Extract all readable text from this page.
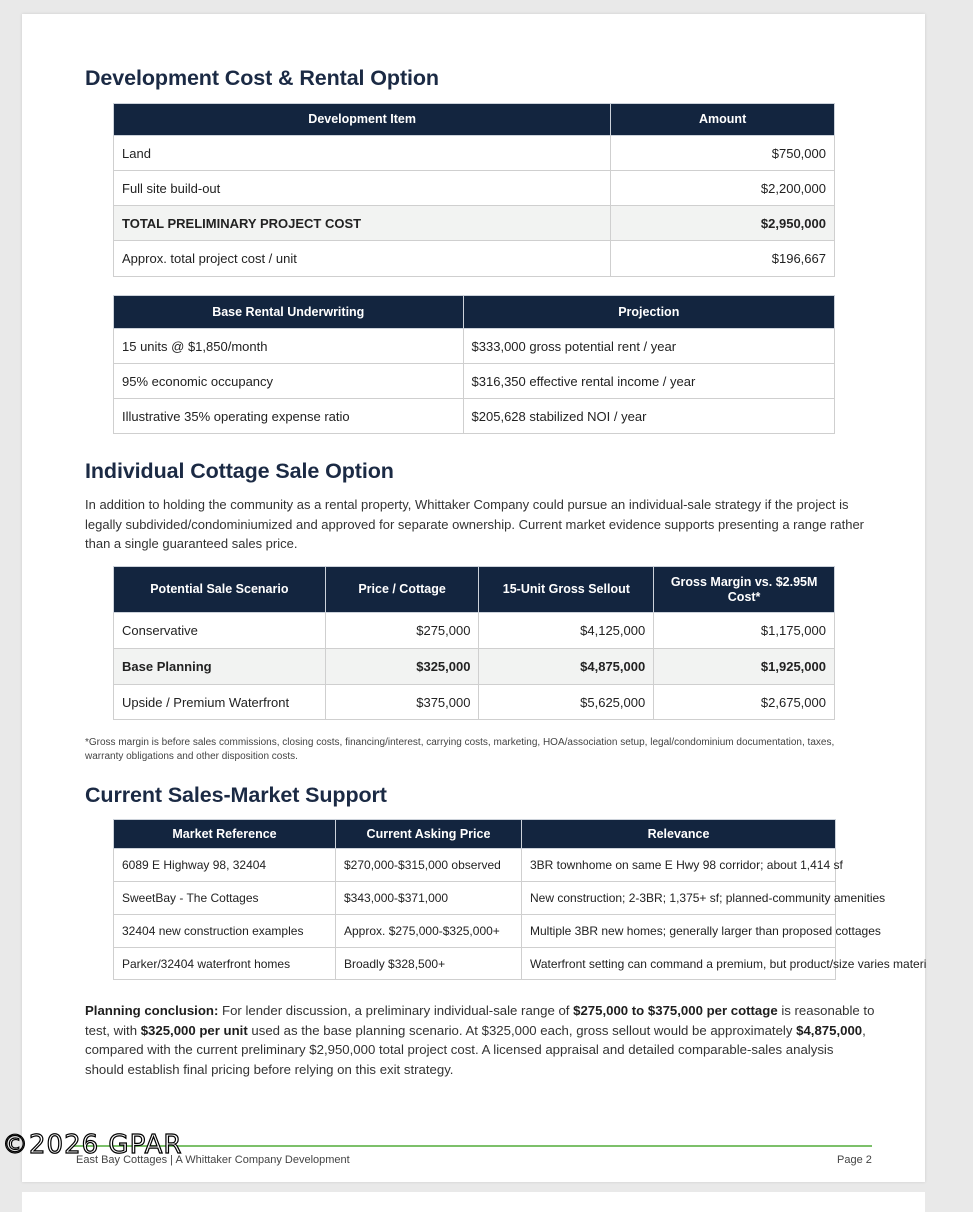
Development Cost & Rental Option
Development Item	Amount
Land	$750,000
Full site build-out	$2,200,000
TOTAL PRELIMINARY PROJECT COST	$2,950,000
Approx. total project cost / unit	$196,667
Base Rental Underwriting	Projection
15 units @ $1,850/month	$333,000 gross potential rent / year
95% economic occupancy	$316,350 effective rental income / year
Illustrative 35% operating expense ratio	$205,628 stabilized NOI / year
Individual Cottage Sale Option

In addition to holding the community as a rental property, Whittaker Company could pursue an individual-sale strategy if the project is legally subdivided/condominiumized and approved for separate ownership. Current market evidence supports presenting a range rather than a single guaranteed sales price.

Potential Sale Scenario	Price / Cottage	15-Unit Gross Sellout	Gross Margin vs. $2.95M Cost*
Conservative	$275,000	$4,125,000	$1,175,000
Base Planning	$325,000	$4,875,000	$1,925,000
Upside / Premium Waterfront	$375,000	$5,625,000	$2,675,000

*Gross margin is before sales commissions, closing costs, financing/interest, carrying costs, marketing, HOA/association setup, legal/condominium documentation, taxes, warranty obligations and other disposition costs.

Current Sales-Market Support
Market Reference	Current Asking Price	Relevance
6089 E Highway 98, 32404	$270,000-$315,000 observed	3BR townhome on same E Hwy 98 corridor; about 1,414 sf
SweetBay - The Cottages	$343,000-$371,000	New construction; 2-3BR; 1,375+ sf; planned-community amenities
32404 new construction examples	Approx. $275,000-$325,000+	Multiple 3BR new homes; generally larger than proposed cottages
Parker/32404 waterfront homes	Broadly $328,500+	Waterfront setting can command a premium, but product/size varies materi

Planning conclusion: For lender discussion, a preliminary individual-sale range of $275,000 to $375,000 per cottage is reasonable to test, with $325,000 per unit used as the base planning scenario. At $325,000 each, gross sellout would be approximately $4,875,000, compared with the current preliminary $2,950,000 total project cost. A licensed appraisal and detailed comparable-sales analysis should establish final pricing before relying on this exit strategy.

East Bay Cottages | A Whittaker Company Development	Page 2
©2026 GPAR
